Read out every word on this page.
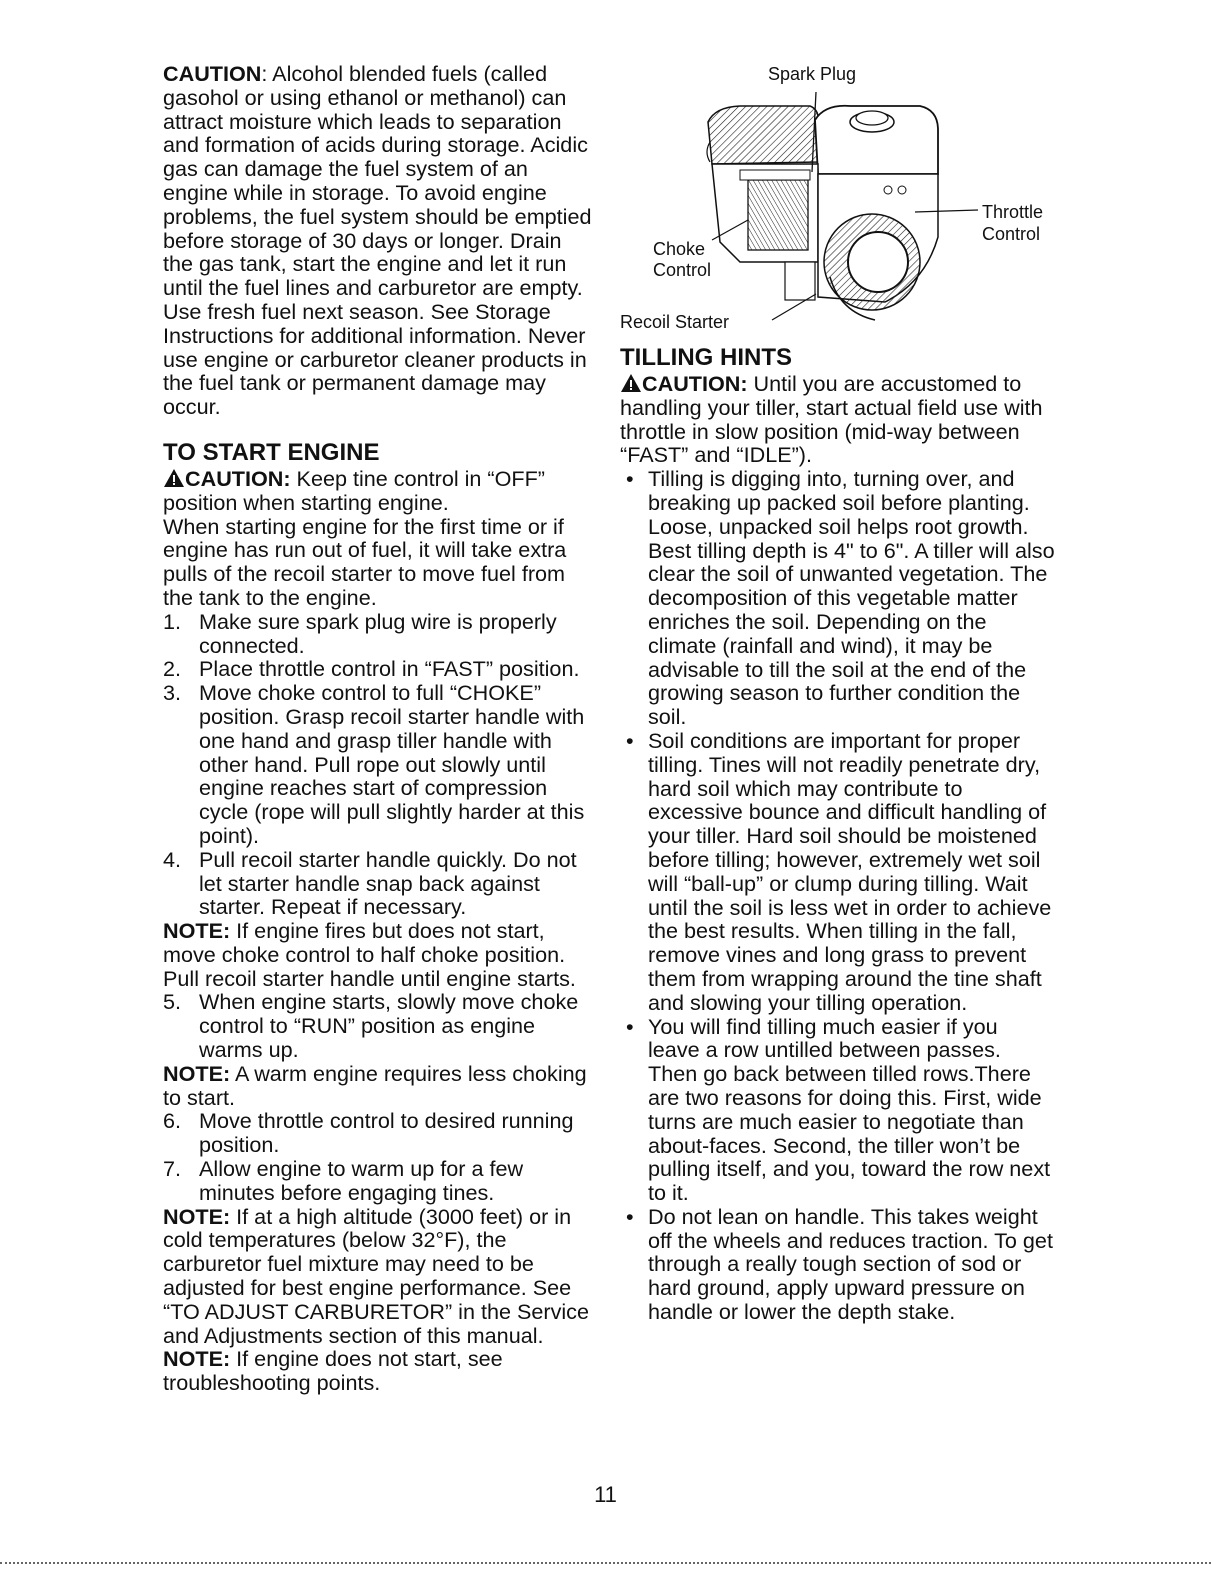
CAUTION: Alcohol blended fuels (called gasohol or using ethanol or methanol) can attract moisture which leads to separation and formation of acids during storage. Acidic gas can damage the fuel system of an engine while in storage. To avoid engine problems, the fuel system should be emptied before storage of 30 days or longer. Drain the gas tank, start the engine and let it run until the fuel lines and carburetor are empty. Use fresh fuel next season. See Storage Instructions for additional information. Never use engine or carburetor cleaner products in the fuel tank or permanent damage may occur.

TO START ENGINE

CAUTION: Keep tine control in “OFF” position when starting engine.

When starting engine for the first time or if engine has run out of fuel, it will take extra pulls of the recoil starter to move fuel from the tank to the engine.

1. Make sure spark plug wire is properly connected.
2. Place throttle control in “FAST” position.
3. Move choke control to full “CHOKE” position. Grasp recoil starter handle with one hand and grasp tiller handle with other hand. Pull rope out slowly until engine reaches start of compression cycle (rope will pull slightly harder at this point).
4. Pull recoil starter handle quickly. Do not let starter handle snap back against starter. Repeat if necessary.

NOTE: If engine fires but does not start, move choke control to half choke position. Pull recoil starter handle until engine starts.

5. When engine starts, slowly move choke control to “RUN” position as engine warms up.

NOTE: A warm engine requires less choking to start.

6. Move throttle control to desired running position.
7. Allow engine to warm up for a few minutes before engaging tines.

NOTE: If at a high altitude (3000 feet) or in cold temperatures (below 32°F), the carburetor fuel mixture may need to be adjusted for best engine performance. See “TO ADJUST CARBURETOR” in the Service and Adjustments section of this manual.

NOTE: If engine does not start, see troubleshooting points.

Spark Plug
Throttle
Control
Choke
Control
Recoil Starter
TILLING HINTS

CAUTION: Until you are accustomed to handling your tiller, start actual field use with throttle in slow position (mid-way between “FAST” and “IDLE”).

• Tilling is digging into, turning over, and breaking up packed soil before planting. Loose, unpacked soil helps root growth. Best tilling depth is 4" to 6". A tiller will also clear the soil of unwanted vegetation. The decomposition of this vegetable matter enriches the soil. Depending on the climate (rainfall and wind), it may be advisable to till the soil at the end of the growing season to further condition the soil.
• Soil conditions are important for proper tilling. Tines will not readily penetrate dry, hard soil which may contribute to excessive bounce and difficult handling of your tiller. Hard soil should be moistened before tilling; however, extremely wet soil will “ball-up” or clump during tilling. Wait until the soil is less wet in order to achieve the best results. When tilling in the fall, remove vines and long grass to prevent them from wrapping around the tine shaft and slowing your tilling operation.
• You will find tilling much easier if you leave a row untilled between passes. Then go back between tilled rows.There are two reasons for doing this. First, wide turns are much easier to negotiate than about-faces. Second, the tiller won’t be pulling itself, and you, toward the row next to it.
• Do not lean on handle. This takes weight off the wheels and reduces traction. To get through a really tough section of sod or hard ground, apply upward pressure on handle or lower the depth stake.
11
